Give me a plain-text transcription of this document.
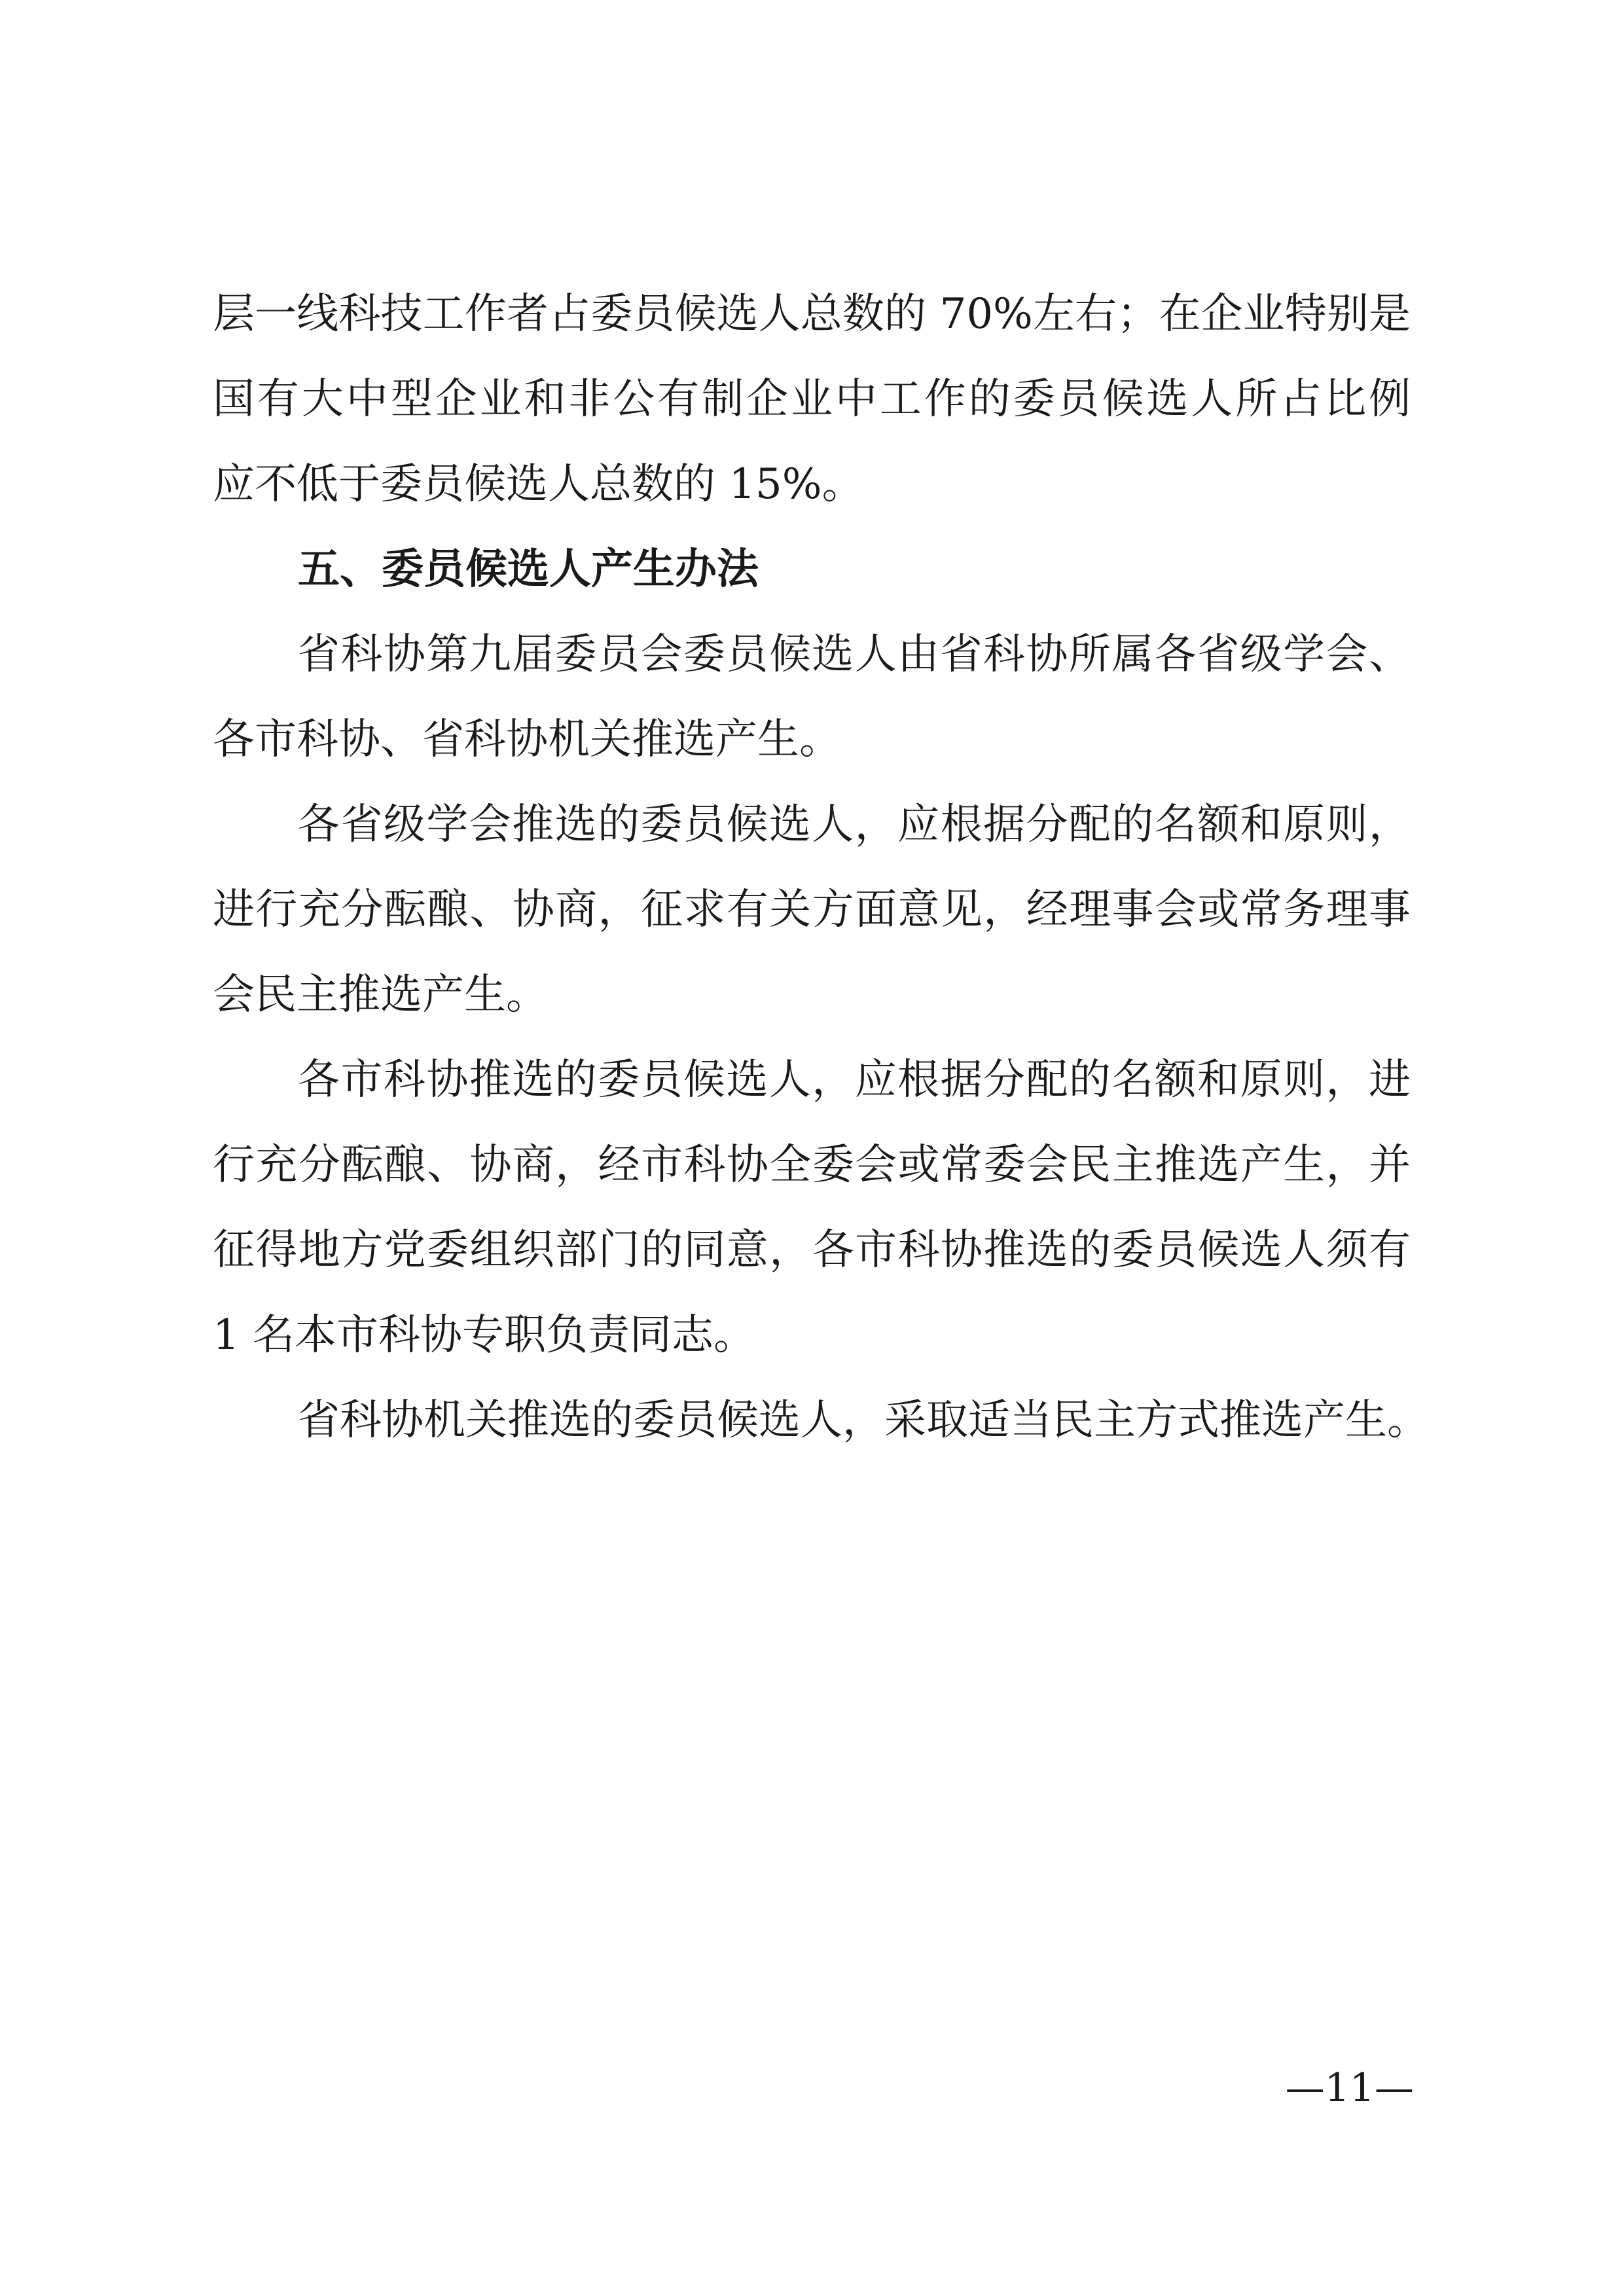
层一线科技工作者占委员候选人总数的 70%左右；在企业特别是
国有大中型企业和非公有制企业中工作的委员候选人所占比例
应不低于委员候选人总数的 15%。
五、委员候选人产生办法
省科协第九届委员会委员候选人由省科协所属各省级学会、
各市科协、省科协机关推选产生。
各省级学会推选的委员候选人，应根据分配的名额和原则，
进行充分酝酿、协商，征求有关方面意见，经理事会或常务理事
会民主推选产生。
各市科协推选的委员候选人，应根据分配的名额和原则，进
行充分酝酿、协商，经市科协全委会或常委会民主推选产生，并
征得地方党委组织部门的同意，各市科协推选的委员候选人须有
1 名本市科协专职负责同志。
省科协机关推选的委员候选人，采取适当民主方式推选产生。
—11—
